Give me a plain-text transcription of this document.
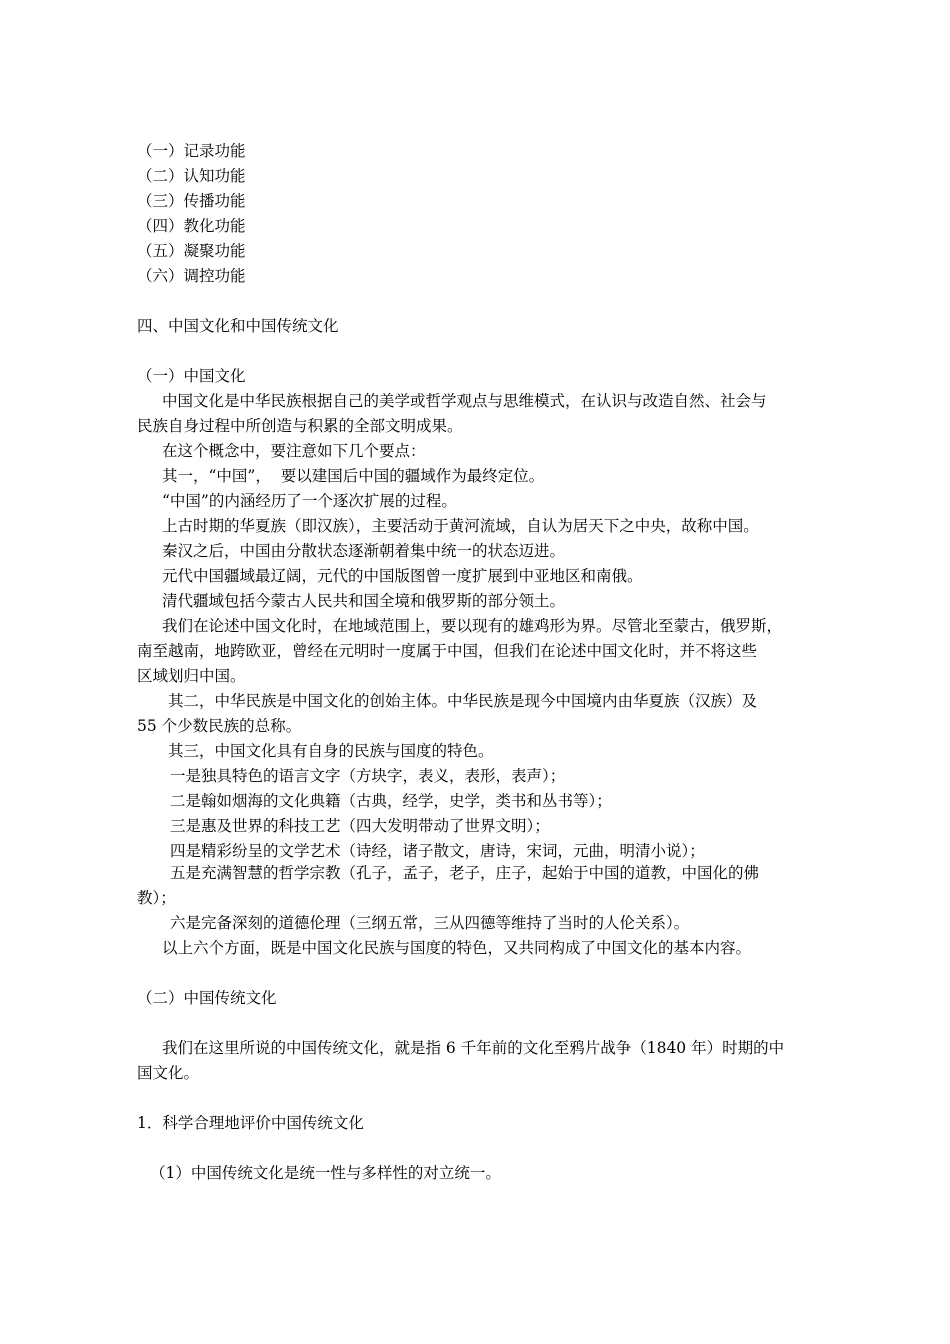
（一）记录功能
（二）认知功能
（三）传播功能
（四）教化功能
（五）凝聚功能
（六）调控功能
四、中国文化和中国传统文化
（一）中国文化
中国文化是中华民族根据自己的美学或哲学观点与思维模式，在认识与改造自然、社会与
民族自身过程中所创造与积累的全部文明成果。
在这个概念中，要注意如下几个要点：
其一，“中国”，  要以建国后中国的疆域作为最终定位。
“中国”的内涵经历了一个逐次扩展的过程。
上古时期的华夏族（即汉族），主要活动于黄河流域，自认为居天下之中央，故称中国。
秦汉之后，中国由分散状态逐渐朝着集中统一的状态迈进。
元代中国疆域最辽阔，元代的中国版图曾一度扩展到中亚地区和南俄。
清代疆域包括今蒙古人民共和国全境和俄罗斯的部分领土。
我们在论述中国文化时，在地域范围上，要以现有的雄鸡形为界。尽管北至蒙古，俄罗斯，
南至越南，地跨欧亚，曾经在元明时一度属于中国，但我们在论述中国文化时，并不将这些
区域划归中国。
其二，中华民族是中国文化的创始主体。中华民族是现今中国境内由华夏族（汉族）及
55 个少数民族的总称。
其三，中国文化具有自身的民族与国度的特色。
一是独具特色的语言文字（方块字，表义，表形，表声）；
二是翰如烟海的文化典籍（古典，经学，史学，类书和丛书等）；
三是惠及世界的科技工艺（四大发明带动了世界文明）；
四是精彩纷呈的文学艺术（诗经，诸子散文，唐诗，宋词，元曲，明清小说）；
五是充满智慧的哲学宗教（孔子，孟子，老子，庄子，起始于中国的道教，中国化的佛
教）；
六是完备深刻的道德伦理（三纲五常，三从四德等维持了当时的人伦关系）。
以上六个方面，既是中国文化民族与国度的特色，又共同构成了中国文化的基本内容。
（二）中国传统文化
我们在这里所说的中国传统文化，就是指 6 千年前的文化至鸦片战争（1840 年）时期的中
国文化。
1．科学合理地评价中国传统文化
（1）中国传统文化是统一性与多样性的对立统一。
